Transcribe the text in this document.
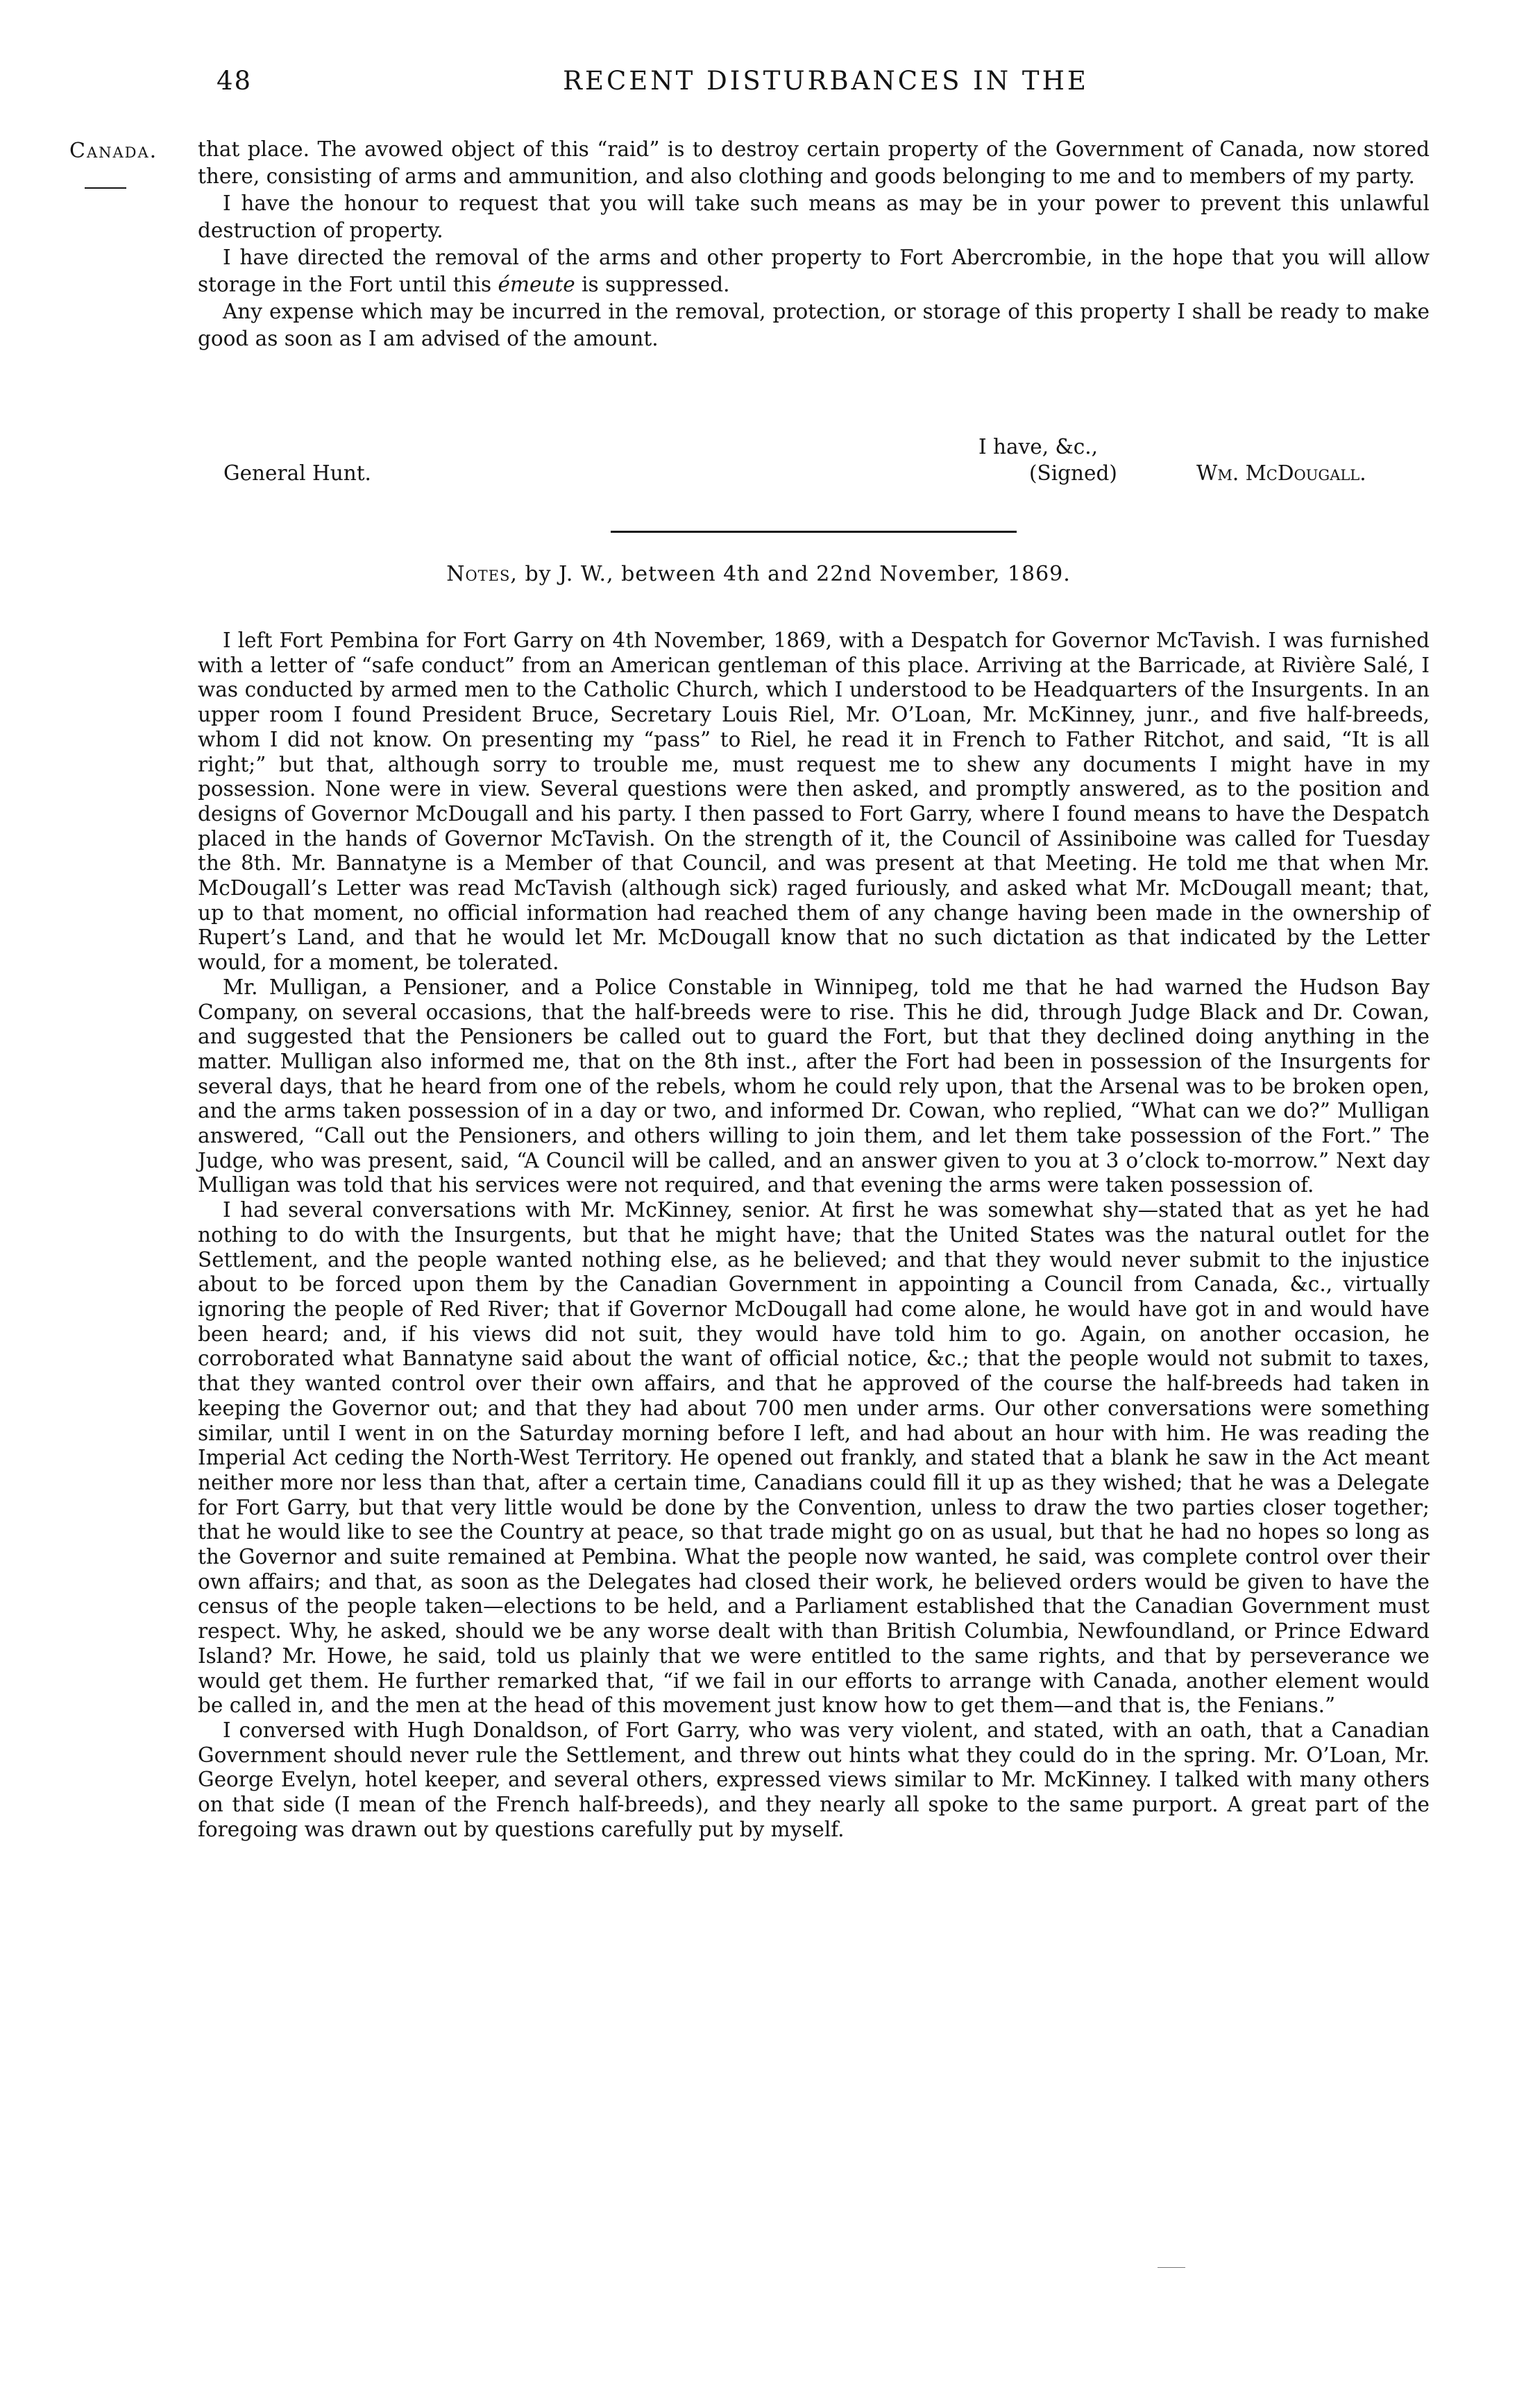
48	RECENT DISTURBANCES IN THE
Canada. that place. The avowed object of this “raid” is to destroy certain property of the Government of Canada, now stored there, consisting of arms and ammunition, and also clothing and goods belonging to me and to members of my party.

I have the honour to request that you will take such means as may be in your power to prevent this unlawful destruction of property.

I have directed the removal of the arms and other property to Fort Abercrombie, in the hope that you will allow storage in the Fort until this émeute is suppressed.

Any expense which may be incurred in the removal, protection, or storage of this property I shall be ready to make good as soon as I am advised of the amount.

I have, &c.,
General Hunt.	(Signed)	Wm. McDougall.
Notes, by J. W., between 4th and 22nd November, 1869.

I left Fort Pembina for Fort Garry on 4th November, 1869, with a Despatch for Governor McTavish. I was furnished with a letter of “safe conduct” from an American gentleman of this place. Arriving at the Barricade, at Rivière Salé, I was conducted by armed men to the Catholic Church, which I understood to be Headquarters of the Insurgents. In an upper room I found President Bruce, Secretary Louis Riel, Mr. O’Loan, Mr. McKinney, junr., and five half-breeds, whom I did not know. On presenting my “pass” to Riel, he read it in French to Father Ritchot, and said, “It is all right;” but that, although sorry to trouble me, must request me to shew any documents I might have in my possession. None were in view. Several questions were then asked, and promptly answered, as to the position and designs of Governor McDougall and his party. I then passed to Fort Garry, where I found means to have the Despatch placed in the hands of Governor McTavish. On the strength of it, the Council of Assiniboine was called for Tuesday the 8th. Mr. Bannatyne is a Member of that Council, and was present at that Meeting. He told me that when Mr. McDougall’s Letter was read McTavish (although sick) raged furiously, and asked what Mr. McDougall meant; that, up to that moment, no official information had reached them of any change having been made in the ownership of Rupert’s Land, and that he would let Mr. McDougall know that no such dictation as that indicated by the Letter would, for a moment, be tolerated.

Mr. Mulligan, a Pensioner, and a Police Constable in Winnipeg, told me that he had warned the Hudson Bay Company, on several occasions, that the half-breeds were to rise. This he did, through Judge Black and Dr. Cowan, and suggested that the Pensioners be called out to guard the Fort, but that they declined doing anything in the matter. Mulligan also informed me, that on the 8th inst., after the Fort had been in possession of the Insurgents for several days, that he heard from one of the rebels, whom he could rely upon, that the Arsenal was to be broken open, and the arms taken possession of in a day or two, and informed Dr. Cowan, who replied, “What can we do?” Mulligan answered, “Call out the Pensioners, and others willing to join them, and let them take possession of the Fort.” The Judge, who was present, said, “A Council will be called, and an answer given to you at 3 o’clock to-morrow.” Next day Mulligan was told that his services were not required, and that evening the arms were taken possession of.

I had several conversations with Mr. McKinney, senior. At first he was somewhat shy—stated that as yet he had nothing to do with the Insurgents, but that he might have; that the United States was the natural outlet for the Settlement, and the people wanted nothing else, as he believed; and that they would never submit to the injustice about to be forced upon them by the Canadian Government in appointing a Council from Canada, &c., virtually ignoring the people of Red River; that if Governor McDougall had come alone, he would have got in and would have been heard; and, if his views did not suit, they would have told him to go. Again, on another occasion, he corroborated what Bannatyne said about the want of official notice, &c.; that the people would not submit to taxes, that they wanted control over their own affairs, and that he approved of the course the half-breeds had taken in keeping the Governor out; and that they had about 700 men under arms. Our other conversations were something similar, until I went in on the Saturday morning before I left, and had about an hour with him. He was reading the Imperial Act ceding the North-West Territory. He opened out frankly, and stated that a blank he saw in the Act meant neither more nor less than that, after a certain time, Canadians could fill it up as they wished; that he was a Delegate for Fort Garry, but that very little would be done by the Convention, unless to draw the two parties closer together; that he would like to see the Country at peace, so that trade might go on as usual, but that he had no hopes so long as the Governor and suite remained at Pembina. What the people now wanted, he said, was complete control over their own affairs; and that, as soon as the Delegates had closed their work, he believed orders would be given to have the census of the people taken—elections to be held, and a Parliament established that the Canadian Government must respect. Why, he asked, should we be any worse dealt with than British Columbia, Newfoundland, or Prince Edward Island? Mr. Howe, he said, told us plainly that we were entitled to the same rights, and that by perseverance we would get them. He further remarked that, “if we fail in our efforts to arrange with Canada, another element would be called in, and the men at the head of this movement just know how to get them—and that is, the Fenians.”

I conversed with Hugh Donaldson, of Fort Garry, who was very violent, and stated, with an oath, that a Canadian Government should never rule the Settlement, and threw out hints what they could do in the spring. Mr. O’Loan, Mr. George Evelyn, hotel keeper, and several others, expressed views similar to Mr. McKinney. I talked with many others on that side (I mean of the French half-breeds), and they nearly all spoke to the same purport. A great part of the foregoing was drawn out by questions carefully put by myself.
